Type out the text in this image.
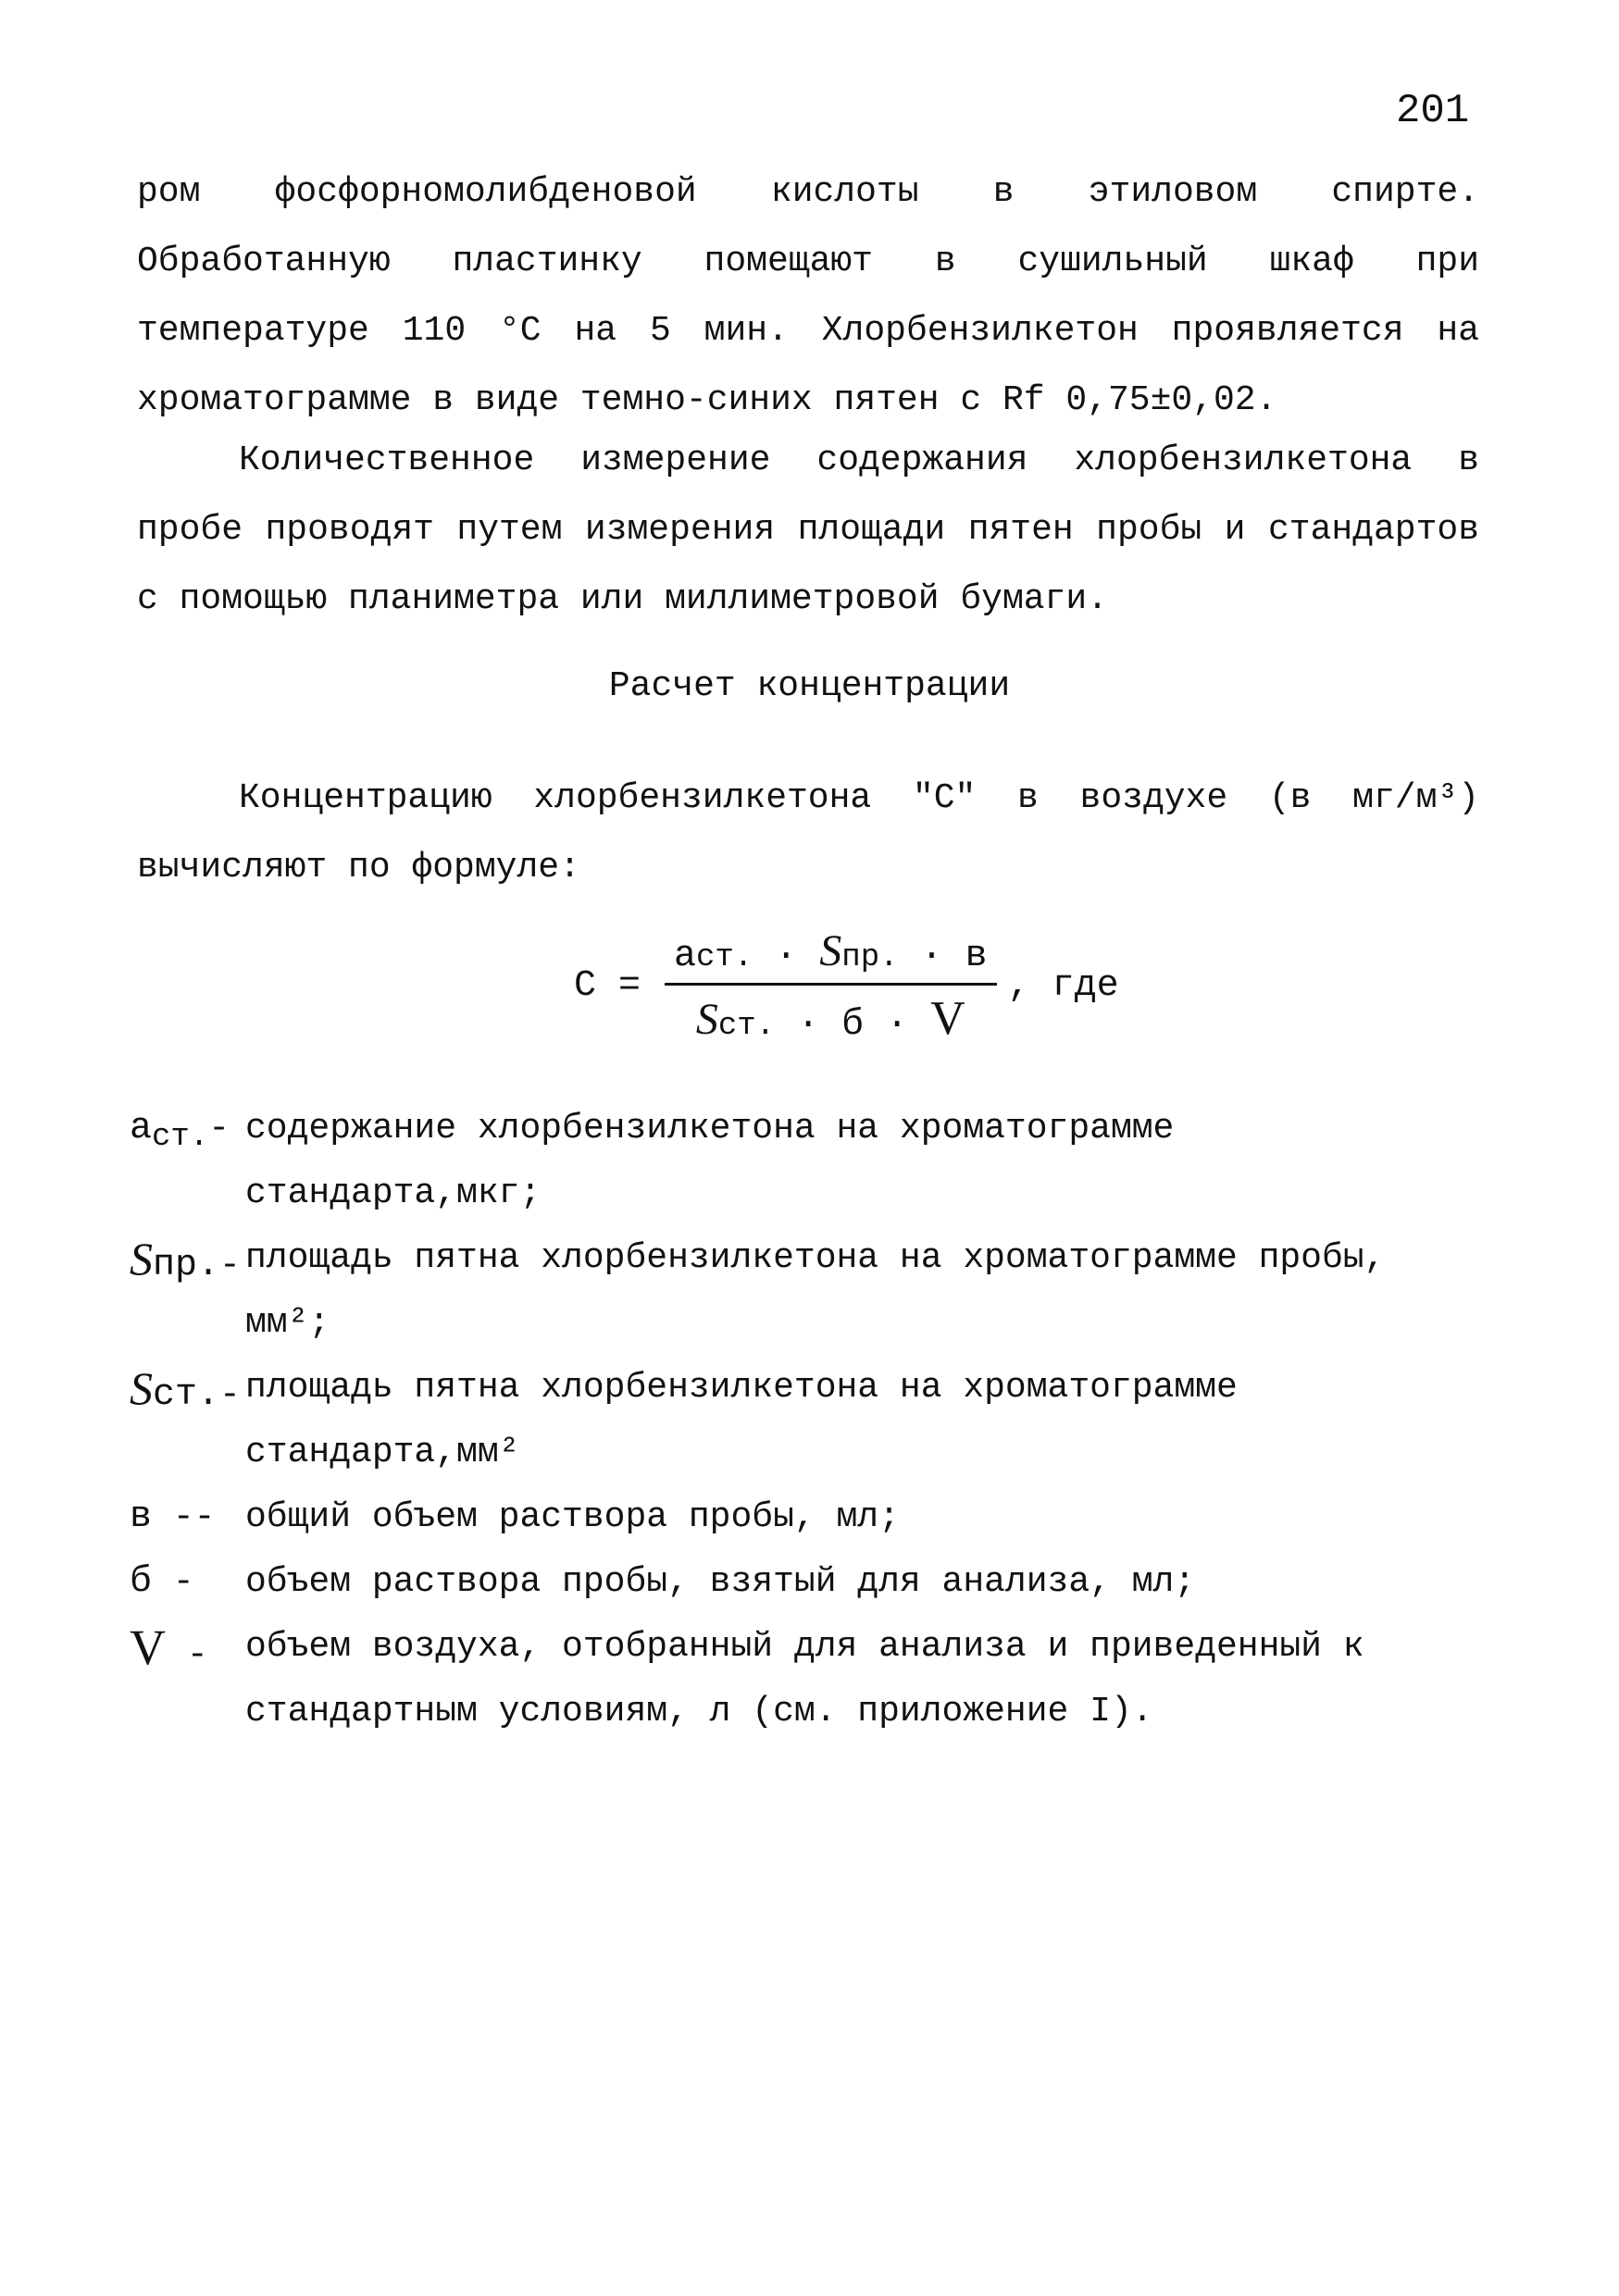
201

ром фосфорномолибденовой кислоты в этиловом спирте. Обработанную пластинку помещают в сушильный шкаф при температуре 110 °С на 5 мин. Хлорбензилкетон проявляется на хроматограмме в виде темно-синих пятен с Rf 0,75±0,02.

Количественное измерение содержания хлорбензилкетона в пробе проводят путем измерения площади пятен пробы и стандартов с помощью планиметра или миллиметровой бумаги.

Расчет концентрации

Концентрацию хлорбензилкетона "С" в воздухе (в мг/м³) вычисляют по формуле:

$С = \frac{\text{аст. · Sпр. · в}}{\text{Sст. · б · V}}$ , где
аст.- содержание хлорбензилкетона на хроматограмме стандарта,мкг;
Sпр.- площадь пятна хлорбензилкетона на хроматограмме пробы, мм²;
Sст.- площадь пятна хлорбензилкетона на хроматограмме стандарта,мм²
в -- общий объем раствора пробы, мл;
б -	объем раствора пробы, взятый для анализа, мл;
V -	объем воздуха, отобранный для анализа и приведенный к стандартным условиям, л (см. приложение I).
